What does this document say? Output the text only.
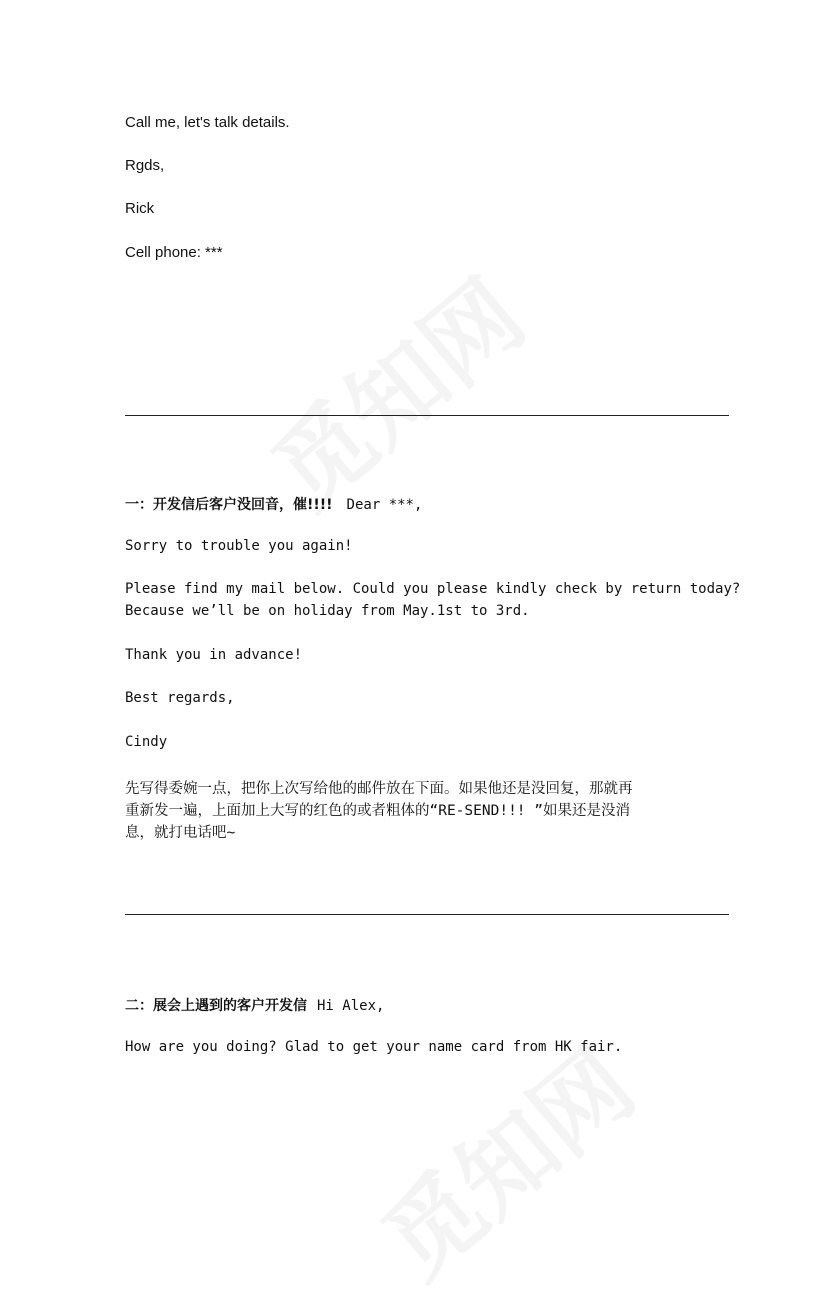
Call me, let's talk details.
Rgds,
Rick
Cell phone: ***
一：开发信后客户没回音，催!!!! Dear ***,
Sorry to trouble you again!
Please find my mail below. Could you please kindly check by return today?
Because we’ll be on holiday from May.1st to 3rd.
Thank you in advance!
Best regards,
Cindy
先写得委婉一点，把你上次写给他的邮件放在下面。如果他还是没回复，那就再
重新发一遍，上面加上大写的红色的或者粗体的“RE-SEND!!! ”如果还是没消
息，就打电话吧~
二：展会上遇到的客户开发信 Hi Alex,
How are you doing? Glad to get your name card from HK fair.
